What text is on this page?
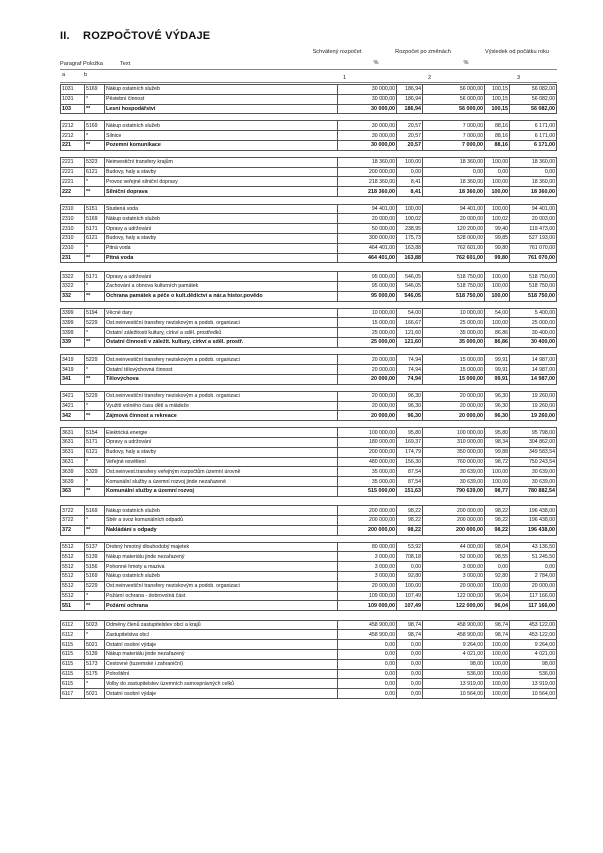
II. ROZPOČTOVÉ VÝDAJE
Schválený rozpočet
%
Rozpočet po změnách
%
Výsledek od počátku roku
Paragraf Položka	Text
a	b	1	2	3
1031	5169	Nákup ostatních služeb	30 000,00	186,94	56 000,00	100,15	56 082,00
1031	*	Pěstební činnost	30 000,00	186,94	56 000,00	100,15	56 082,00
103	**	Lesní hospodářství	30 000,00	186,94	56 000,00	100,15	56 082,00
2212	5169	Nákup ostatních služeb	30 000,00	20,57	7 000,00	88,16	6 171,00
2212	*	Silnice	30 000,00	20,57	7 000,00	88,16	6 171,00
221	**	Pozemní komunikace	30 000,00	20,57	7 000,00	88,16	6 171,00
2221	5323	Neinvestiční transfery krajům	18 360,00	100,00	18 360,00	100,00	18 360,00
2221	6121	Budovy, haly a stavby	200 000,00	0,00	0,00	0,00	0,00
2221	*	Provoz veřejné silniční dopravy	218 360,00	8,41	18 360,00	100,00	18 360,00
222	**	Silniční doprava	218 360,00	8,41	18 360,00	100,00	18 360,00
2310	5151	Studená voda	94 401,00	100,00	94 401,00	100,00	94 401,00
2310	5169	Nákup ostatních služeb	20 000,00	100,02	20 000,00	100,02	20 003,00
2310	5171	Opravy a udržování	50 000,00	238,95	120 200,00	99,40	119 473,00
2310	6121	Budovy, haly a stavby	300 000,00	175,73	528 000,00	99,85	527 193,00
2310	*	Pitná voda	464 401,00	163,88	762 601,00	99,80	761 070,00
231	**	Pitná voda	464 401,00	163,88	762 601,00	99,80	761 070,00
3322	5171	Opravy a udržování	95 000,00	546,05	518 750,00	100,00	518 750,00
3322	*	Zachování a obnova kulturních památek	95 000,00	546,05	518 750,00	100,00	518 750,00
332	**	Ochrana památek a péče o kult.dědictví a nár.a histor.povědo	95 000,00	546,05	518 750,00	100,00	518 750,00
3399	5194	Věcné dary	10 000,00	54,00	10 000,00	54,00	5 400,00
3399	5229	Ost.neinvestiční transfery neziskovým a podob. organizaci	15 000,00	166,67	25 000,00	100,00	25 000,00
3399	*	Ostatní záležitosti kultury, církví a sděl. prostředků	25 000,00	121,60	35 000,00	86,86	30 400,00
339	**	Ostatní činnosti v záležit. kultury, církví a sděl. prostř.	25 000,00	121,60	35 000,00	86,86	30 400,00
3419	5229	Ost.neinvestiční transfery neziskovým a podob. organizaci	20 000,00	74,94	15 000,00	99,91	14 987,00
3419	*	Ostatní tělovýchovná činnost	20 000,00	74,94	15 000,00	99,91	14 987,00
341	**	Tělovýchova	20 000,00	74,94	15 000,00	99,91	14 987,00
3421	5229	Ost.neinvestiční transfery neziskovým a podob. organizaci	20 000,00	96,30	20 000,00	96,30	19 260,00
3421	*	Využití volného času dětí a mládeže	20 000,00	96,30	20 000,00	96,30	19 260,00
342	**	Zájmová činnost a rekreace	20 000,00	96,30	20 000,00	96,30	19 260,00
3631	5154	Elektrická energie	100 000,00	95,80	100 000,00	95,80	95 798,00
3631	5171	Opravy a udržování	180 000,00	169,37	310 000,00	98,34	304 862,00
3631	6121	Budovy, haly a stavby	200 000,00	174,79	350 000,00	99,88	349 583,54
3631	*	Veřejné osvětlení	480 000,00	156,30	760 000,00	98,72	750 243,54
3639	5329	Ost.neinvest.transfery veřejným rozpočtům územní úrovně	35 000,00	87,54	30 639,00	100,00	30 639,00
3639	*	Komunální služby a územní rozvoj jinde nezařazené	35 000,00	87,54	30 639,00	100,00	30 639,00
363	**	Komunální služby a územní rozvoj	515 000,00	151,63	790 639,00	98,77	780 882,54
3722	5169	Nákup ostatních služeb	200 000,00	98,22	200 000,00	98,22	196 438,00
3722	*	Sběr a svoz komunálních odpadů	200 000,00	98,22	200 000,00	98,22	196 438,00
372	**	Nakládání s odpady	200 000,00	98,22	200 000,00	98,22	196 438,00
5512	5137	Drobný hmotný dlouhodobý majetek	80 000,00	53,92	44 000,00	98,04	43 136,50
5512	5139	Nákup materiálu jinde nezařazený	3 000,00	708,18	52 000,00	98,55	51 245,50
5512	5156	Pohonné hmoty a maziva	3 000,00	0,00	3 000,00	0,00	0,00
5512	5169	Nákup ostatních služeb	3 000,00	92,80	3 000,00	92,80	2 784,00
5512	5229	Ost.neinvestiční transfery neziskovým a podob. organizaci	20 000,00	100,00	20 000,00	100,00	20 000,00
5512	*	Požární ochrana - dobrovolná část	109 000,00	107,49	122 000,00	96,04	117 166,00
551	**	Požární ochrana	109 000,00	107,49	122 000,00	96,04	117 166,00
6112	5023	Odměny členů zastupitelstev obcí a krajů	458 900,00	98,74	458 900,00	98,74	453 122,00
6112	*	Zastupitelstva obcí	458 900,00	98,74	458 900,00	98,74	453 122,00
6115	5021	Ostatní osobní výdaje	0,00	0,00	9 264,00	100,00	9 264,00
6115	5139	Nákup materiálu jinde nezařazený	0,00	0,00	4 021,00	100,00	4 021,00
6115	5173	Cestovné (tuzemské i zahraniční)	0,00	0,00	98,00	100,00	98,00
6115	5175	Pohoštění	0,00	0,00	536,00	100,00	536,00
6115	*	Volby do zastupitelstev územních samosprávných celků	0,00	0,00	13 919,00	100,00	13 919,00
6117	5021	Ostatní osobní výdaje	0,00	0,00	10 564,00	100,00	10 564,00
